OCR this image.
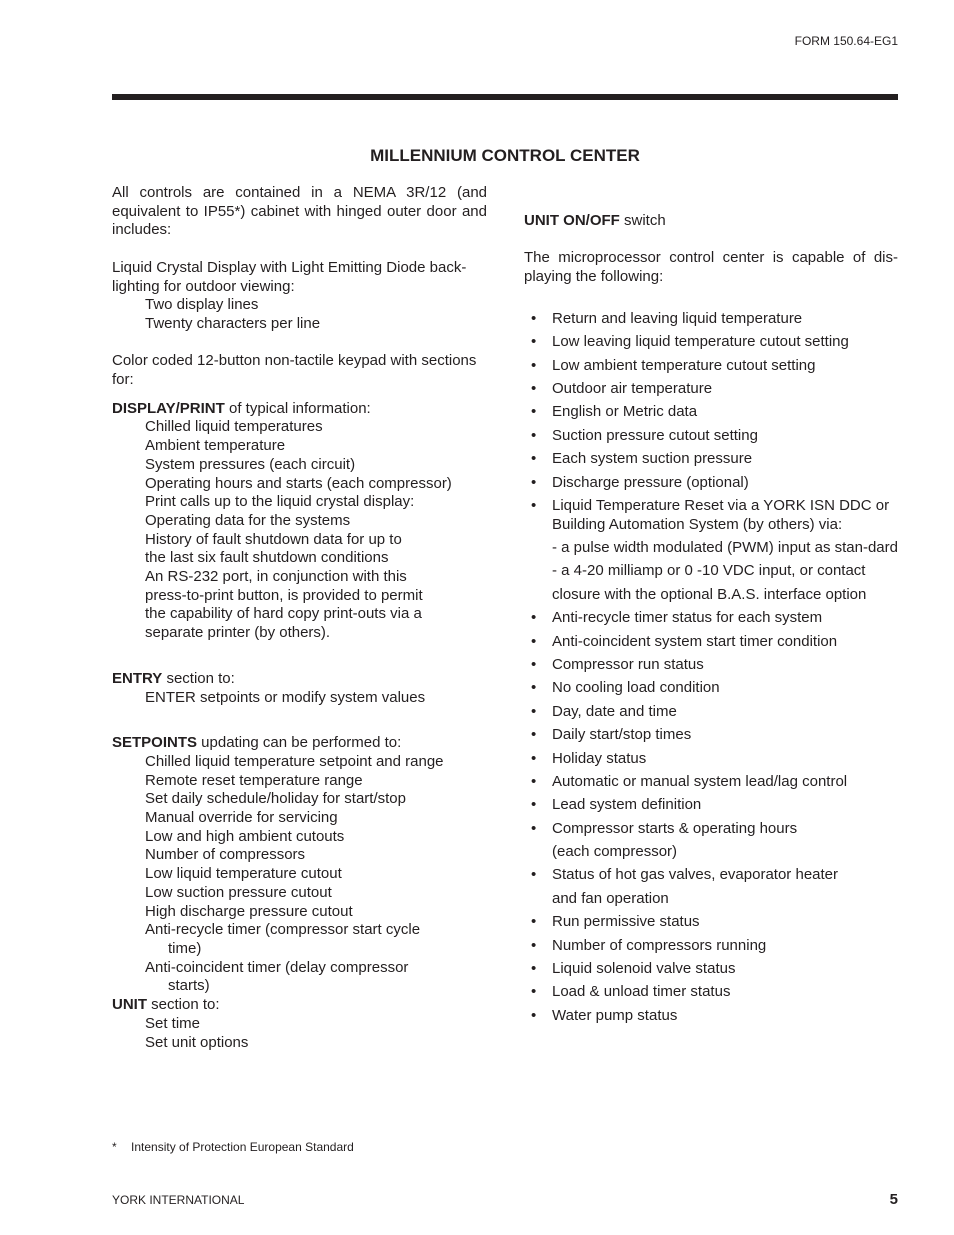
FORM 150.64-EG1
MILLENNIUM CONTROL CENTER

All controls are contained in a NEMA 3R/12 (and equivalent to IP55*) cabinet with hinged outer door and includes:

Liquid Crystal Display with Light Emitting Diode back-lighting for outdoor viewing:

Two display lines
Twenty characters per line

Color coded 12-button non-tactile keypad with sections for:

DISPLAY/PRINT of typical information:
Chilled liquid temperatures
Ambient temperature
System pressures (each circuit)
Operating hours and starts (each compressor)
Print calls up to the liquid crystal display:
Operating data for the systems
History of fault shutdown data for up to
the last six fault shutdown conditions
An RS-232 port, in conjunction with this
press-to-print button, is provided to permit
the capability of hard copy print-outs via a
separate printer (by others).
ENTRY section to:
ENTER setpoints or modify system values
SETPOINTS updating can be performed to:
Chilled liquid temperature setpoint and range
Remote reset temperature range
Set daily schedule/holiday for start/stop
Manual override for servicing
Low and high ambient cutouts
Number of compressors
Low liquid temperature cutout
Low suction pressure cutout
High discharge pressure cutout
Anti-recycle timer (compressor start cycle
time)
Anti-coincident timer (delay compressor
starts)
UNIT section to:
Set time
Set unit options
UNIT ON/OFF switch

The microprocessor control center is capable of dis-playing the following:

• Return and leaving liquid temperature
• Low leaving liquid temperature cutout setting
• Low ambient temperature cutout setting
• Outdoor air temperature
• English or Metric data
• Suction pressure cutout setting
• Each system suction pressure
• Discharge pressure (optional)
• Liquid Temperature Reset via a YORK ISN DDC or Building Automation System (by others) via:
- a pulse width modulated (PWM) input as stan-dard
- a 4-20 milliamp or 0 -10 VDC input, or contact
closure with the optional B.A.S. interface option
• Anti-recycle timer status for each system
• Anti-coincident system start timer condition
• Compressor run status
• No cooling load condition
• Day, date and time
• Daily start/stop times
• Holiday status
• Automatic or manual system lead/lag control
• Lead system definition
• Compressor starts & operating hours
(each compressor)
• Status of hot gas valves, evaporator heater
and fan operation
• Run permissive status
• Number of compressors running
• Liquid solenoid valve status
• Load & unload timer status
• Water pump status
* Intensity of Protection European Standard
YORK INTERNATIONAL	5
